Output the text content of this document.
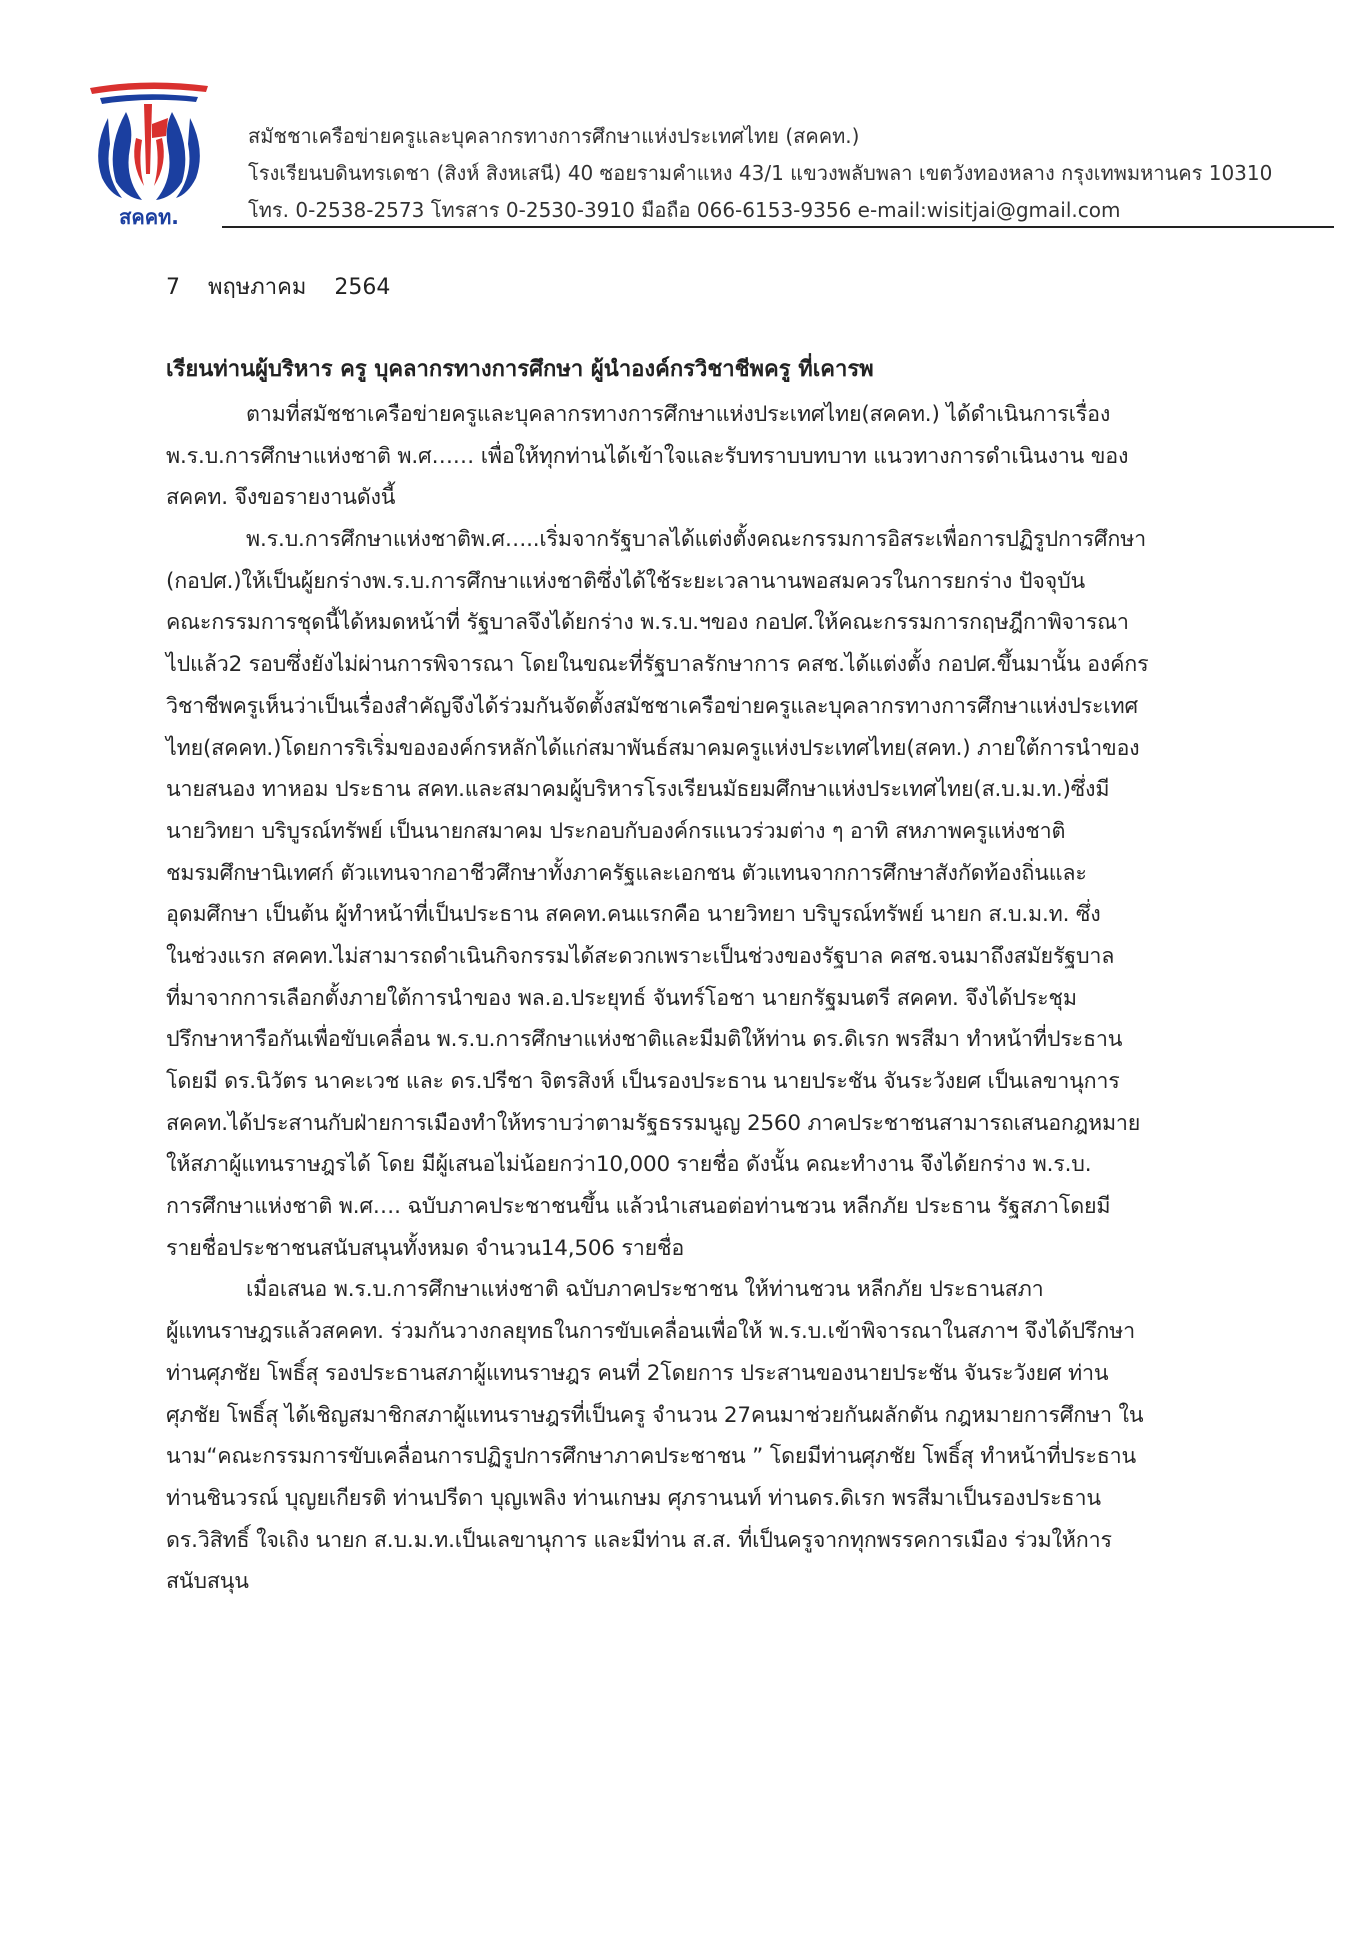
สคคท.
สมัชชาเครือข่ายครูและบุคลากรทางการศึกษาแห่งประเทศไทย (สคคท.)
โรงเรียนบดินทรเดชา (สิงห์ สิงหเสนี) 40 ซอยรามคำแหง 43/1 แขวงพลับพลา เขตวังทองหลาง กรุงเทพมหานคร 10310
โทร. 0-2538-2573 โทรสาร 0-2530-3910 มือถือ 066-6153-9356 e-mail:wisitjai@gmail.com
7    พฤษภาคม    2564
เรียนท่านผู้บริหาร ครู บุคลากรทางการศึกษา ผู้นำองค์กรวิชาชีพครู ที่เคารพ
ตามที่สมัชชาเครือข่ายครูและบุคลากรทางการศึกษาแห่งประเทศไทย(สคคท.) ได้ดำเนินการเรื่อง
พ.ร.บ.การศึกษาแห่งชาติ พ.ศ…… เพื่อให้ทุกท่านได้เข้าใจและรับทราบบทบาท แนวทางการดำเนินงาน ของ
สคคท. จึงขอรายงานดังนี้
พ.ร.บ.การศึกษาแห่งชาติพ.ศ…..เริ่มจากรัฐบาลได้แต่งตั้งคณะกรรมการอิสระเพื่อการปฏิรูปการศึกษา
(กอปศ.)ให้เป็นผู้ยกร่างพ.ร.บ.การศึกษาแห่งชาติซึ่งได้ใช้ระยะเวลานานพอสมควรในการยกร่าง ปัจจุบัน
คณะกรรมการชุดนี้ได้หมดหน้าที่ รัฐบาลจึงได้ยกร่าง พ.ร.บ.ฯของ กอปศ.ให้คณะกรรมการกฤษฎีกาพิจารณา
ไปแล้ว2 รอบซึ่งยังไม่ผ่านการพิจารณา โดยในขณะที่รัฐบาลรักษาการ คสช.ได้แต่งตั้ง กอปศ.ขึ้นมานั้น องค์กร
วิชาชีพครูเห็นว่าเป็นเรื่องสำคัญจึงได้ร่วมกันจัดตั้งสมัชชาเครือข่ายครูและบุคลากรทางการศึกษาแห่งประเทศ
ไทย(สคคท.)โดยการริเริ่มขององค์กรหลักได้แก่สมาพันธ์สมาคมครูแห่งประเทศไทย(สคท.) ภายใต้การนำของ
นายสนอง ทาหอม ประธาน สคท.และสมาคมผู้บริหารโรงเรียนมัธยมศึกษาแห่งประเทศไทย(ส.บ.ม.ท.)ซึ่งมี
นายวิทยา บริบูรณ์ทรัพย์ เป็นนายกสมาคม ประกอบกับองค์กรแนวร่วมต่าง ๆ อาทิ สหภาพครูแห่งชาติ
ชมรมศึกษานิเทศก์ ตัวแทนจากอาชีวศึกษาทั้งภาครัฐและเอกชน ตัวแทนจากการศึกษาสังกัดท้องถิ่นและ
อุดมศึกษา เป็นต้น ผู้ทำหน้าที่เป็นประธาน สคคท.คนแรกคือ นายวิทยา บริบูรณ์ทรัพย์ นายก ส.บ.ม.ท. ซึ่ง
ในช่วงแรก สคคท.ไม่สามารถดำเนินกิจกรรมได้สะดวกเพราะเป็นช่วงของรัฐบาล คสช.จนมาถึงสมัยรัฐบาล
ที่มาจากการเลือกตั้งภายใต้การนำของ พล.อ.ประยุทธ์ จันทร์โอชา นายกรัฐมนตรี สคคท. จึงได้ประชุม
ปรึกษาหารือกันเพื่อขับเคลื่อน พ.ร.บ.การศึกษาแห่งชาติและมีมติให้ท่าน ดร.ดิเรก พรสีมา ทำหน้าที่ประธาน
โดยมี ดร.นิวัตร นาคะเวช และ ดร.ปรีชา จิตรสิงห์ เป็นรองประธาน นายประชัน จันระวังยศ เป็นเลขานุการ
สคคท.ได้ประสานกับฝ่ายการเมืองทำให้ทราบว่าตามรัฐธรรมนูญ 2560 ภาคประชาชนสามารถเสนอกฎหมาย
ให้สภาผู้แทนราษฎรได้ โดย มีผู้เสนอไม่น้อยกว่า10,000 รายชื่อ ดังนั้น คณะทำงาน จึงได้ยกร่าง พ.ร.บ.
การศึกษาแห่งชาติ พ.ศ…. ฉบับภาคประชาชนขึ้น แล้วนำเสนอต่อท่านชวน หลีกภัย ประธาน รัฐสภาโดยมี
รายชื่อประชาชนสนับสนุนทั้งหมด จำนวน14,506 รายชื่อ
เมื่อเสนอ พ.ร.บ.การศึกษาแห่งชาติ ฉบับภาคประชาชน ให้ท่านชวน หลีกภัย ประธานสภา
ผู้แทนราษฎรแล้วสคคท. ร่วมกันวางกลยุทธในการขับเคลื่อนเพื่อให้ พ.ร.บ.เข้าพิจารณาในสภาฯ จึงได้ปรึกษา
ท่านศุภชัย โพธิ์สุ รองประธานสภาผู้แทนราษฎร คนที่ 2โดยการ ประสานของนายประชัน จันระวังยศ ท่าน
ศุภชัย โพธิ์สุ ได้เชิญสมาชิกสภาผู้แทนราษฎรที่เป็นครู จำนวน 27คนมาช่วยกันผลักดัน กฎหมายการศึกษา ใน
นาม“คณะกรรมการขับเคลื่อนการปฏิรูปการศึกษาภาคประชาชน ” โดยมีท่านศุภชัย โพธิ์สุ ทำหน้าที่ประธาน
ท่านชินวรณ์ บุญยเกียรติ ท่านปรีดา บุญเพลิง ท่านเกษม ศุภรานนท์ ท่านดร.ดิเรก พรสีมาเป็นรองประธาน
ดร.วิสิทธิ์ ใจเถิง นายก ส.บ.ม.ท.เป็นเลขานุการ และมีท่าน ส.ส. ที่เป็นครูจากทุกพรรคการเมือง ร่วมให้การ
สนับสนุน
